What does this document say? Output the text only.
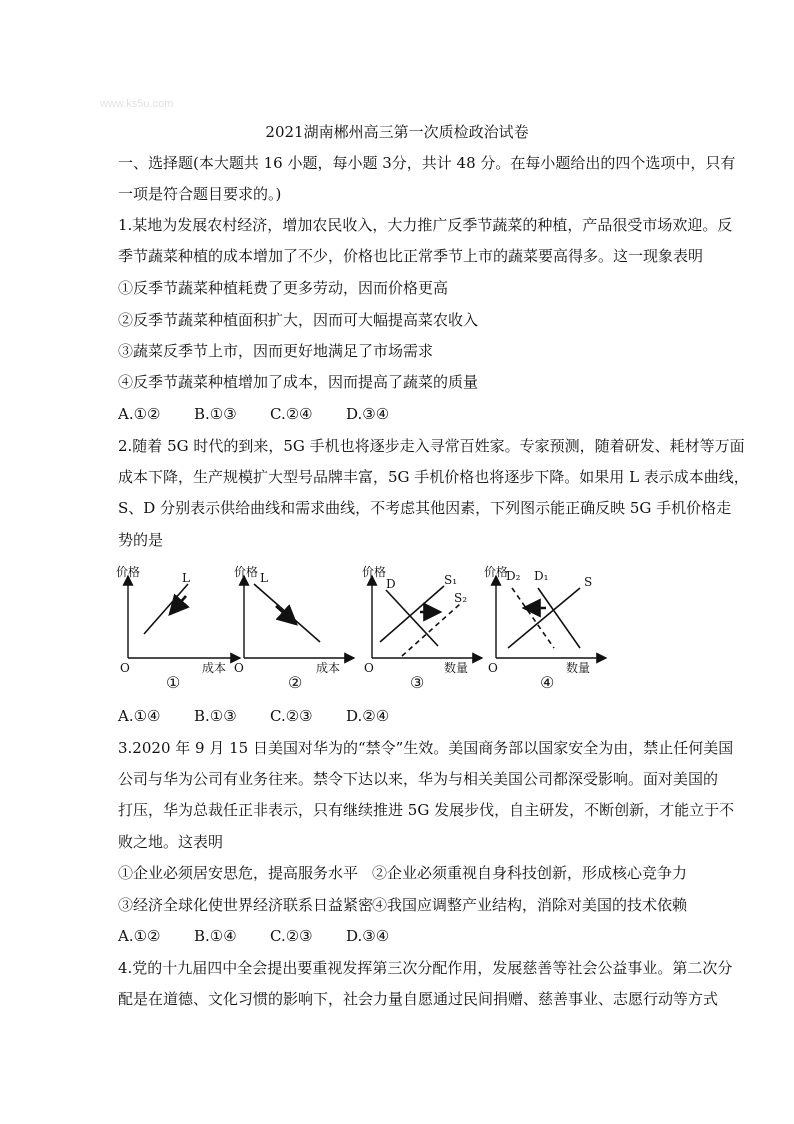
www.ks5u.com
2021湖南郴州高三第一次质检政治试卷
一、选择题(本大题共 16 小题，每小题 3分，共计 48 分。在每小题给出的四个选项中，只有
一项是符合题目要求的。)
1.某地为发展农村经济，增加农民收入，大力推广反季节蔬菜的种植，产品很受市场欢迎。反
季节蔬菜种植的成本增加了不少，价格也比正常季节上市的蔬菜要高得多。这一现象表明
①反季节蔬菜种植耗费了更多劳动，因而价格更高
②反季节蔬菜种植面积扩大，因而可大幅提高菜农收入
③蔬菜反季节上市，因而更好地满足了市场需求
④反季节蔬菜种植增加了成本，因而提高了蔬菜的质量
A.①② B.①③ C.②④ D.③④
2.随着 5G 时代的到来，5G 手机也将逐步走入寻常百姓家。专家预测，随着研发、耗材等万面
成本下降，生产规模扩大型号品牌丰富，5G 手机价格也将逐步下降。如果用 L 表示成本曲线，
S、D 分别表示供给曲线和需求曲线，不考虑其他因素，下列图示能正确反映 5G 手机价格走
势的是
价格
成本
O
L
①
价格
成本
O
L
②
价格
数量
O
D	S₁
S₂
③
价格
数量
O
D₂ D₁	S
④
A.①④ B.①③ C.②③ D.②④
3.2020 年 9 月 15 日美国对华为的“禁令”生效。美国商务部以国家安全为由，禁止任何美国
公司与华为公司有业务往来。禁令下达以来，华为与相关美国公司都深受影响。面对美国的
打压，华为总裁任正非表示，只有继续推进 5G 发展步伐，自主研发，不断创新，才能立于不
败之地。这表明
①企业必须居安思危，提高服务水平 ②企业必须重视自身科技创新，形成核心竞争力
③经济全球化使世界经济联系日益紧密
④我国应调整产业结构，消除对美国的技术依赖
A.①② B.①④ C.②③ D.③④
4.党的十九届四中全会提出要重视发挥第三次分配作用，发展慈善等社会公益事业。第二次分
配是在道德、文化习惯的影响下，社会力量自愿通过民间捐赠、慈善事业、志愿行动等方式
